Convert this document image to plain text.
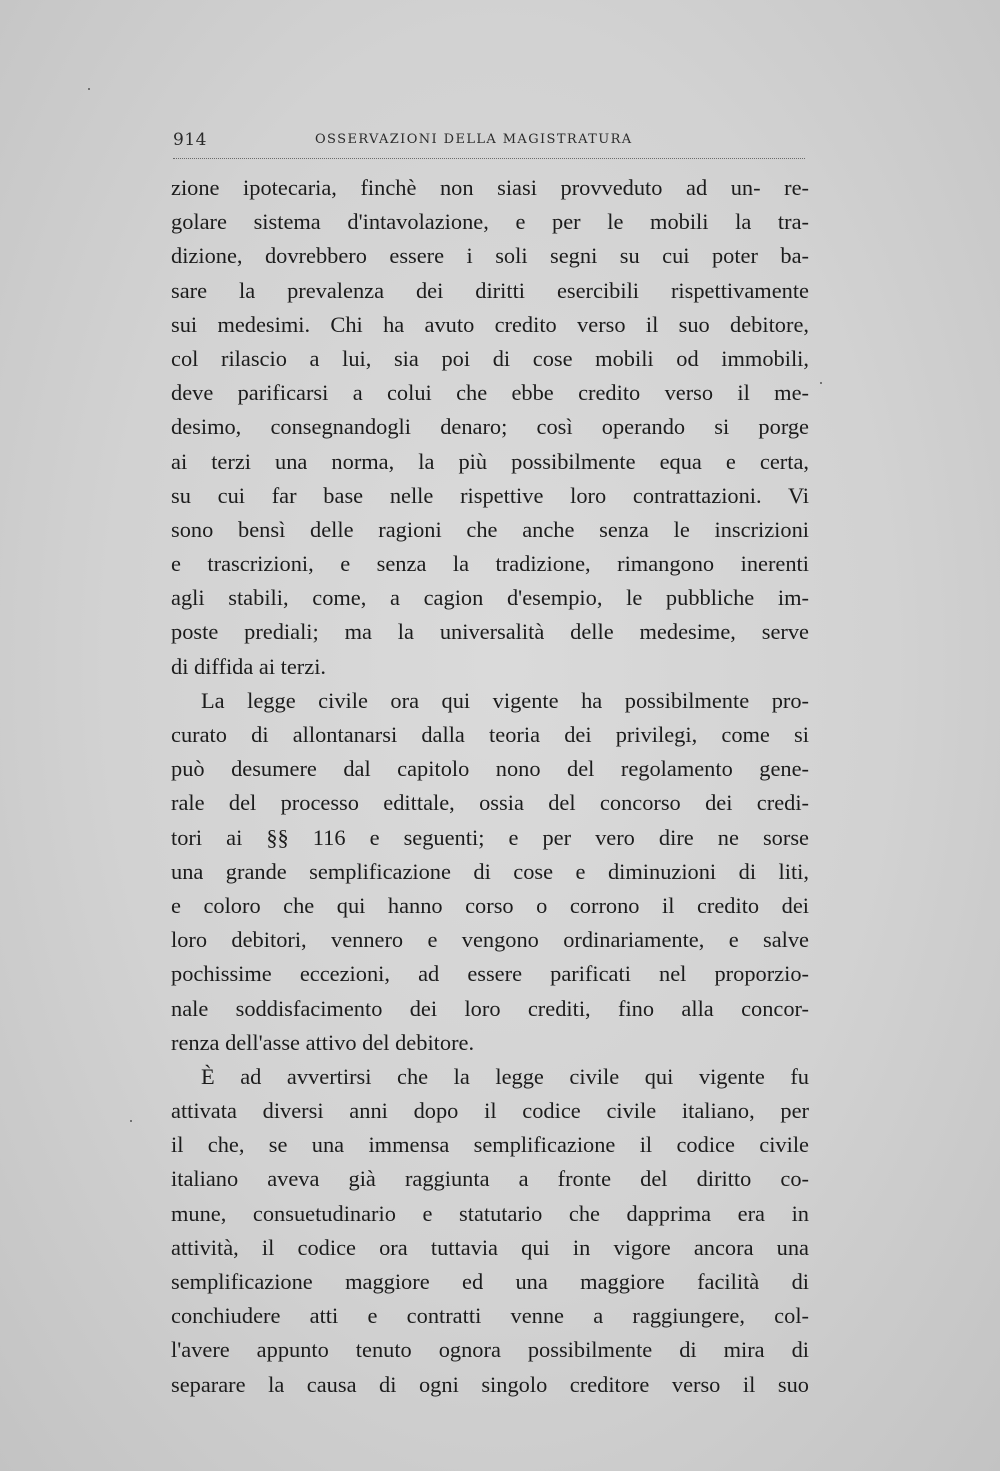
914	OSSERVAZIONI DELLA MAGISTRATURA
zione ipotecaria, finchè non siasi provveduto ad un- re-
golare sistema d'intavolazione, e per le mobili la tra-
dizione, dovrebbero essere i soli segni su cui poter ba-
sare la prevalenza dei diritti esercibili rispettivamente
sui medesimi. Chi ha avuto credito verso il suo debitore,
col rilascio a lui, sia poi di cose mobili od immobili,
deve parificarsi a colui che ebbe credito verso il me-
desimo, consegnandogli denaro; così operando si porge
ai terzi una norma, la più possibilmente equa e certa,
su cui far base nelle rispettive loro contrattazioni. Vi
sono bensì delle ragioni che anche senza le inscrizioni
e trascrizioni, e senza la tradizione, rimangono inerenti
agli stabili, come, a cagion d'esempio, le pubbliche im-
poste prediali; ma la universalità delle medesime, serve
di diffida ai terzi.
La legge civile ora qui vigente ha possibilmente pro-
curato di allontanarsi dalla teoria dei privilegi, come si
può desumere dal capitolo nono del regolamento gene-
rale del processo edittale, ossia del concorso dei credi-
tori ai §§ 116 e seguenti; e per vero dire ne sorse
una grande semplificazione di cose e diminuzioni di liti,
e coloro che qui hanno corso o corrono il credito dei
loro debitori, vennero e vengono ordinariamente, e salve
pochissime eccezioni, ad essere parificati nel proporzio-
nale soddisfacimento dei loro crediti, fino alla concor-
renza dell'asse attivo del debitore.
È ad avvertirsi che la legge civile qui vigente fu
attivata diversi anni dopo il codice civile italiano, per
il che, se una immensa semplificazione il codice civile
italiano aveva già raggiunta a fronte del diritto co-
mune, consuetudinario e statutario che dapprima era in
attività, il codice ora tuttavia qui in vigore ancora una
semplificazione maggiore ed una maggiore facilità di
conchiudere atti e contratti venne a raggiungere, col-
l'avere appunto tenuto ognora possibilmente di mira di
separare la causa di ogni singolo creditore verso il suo
